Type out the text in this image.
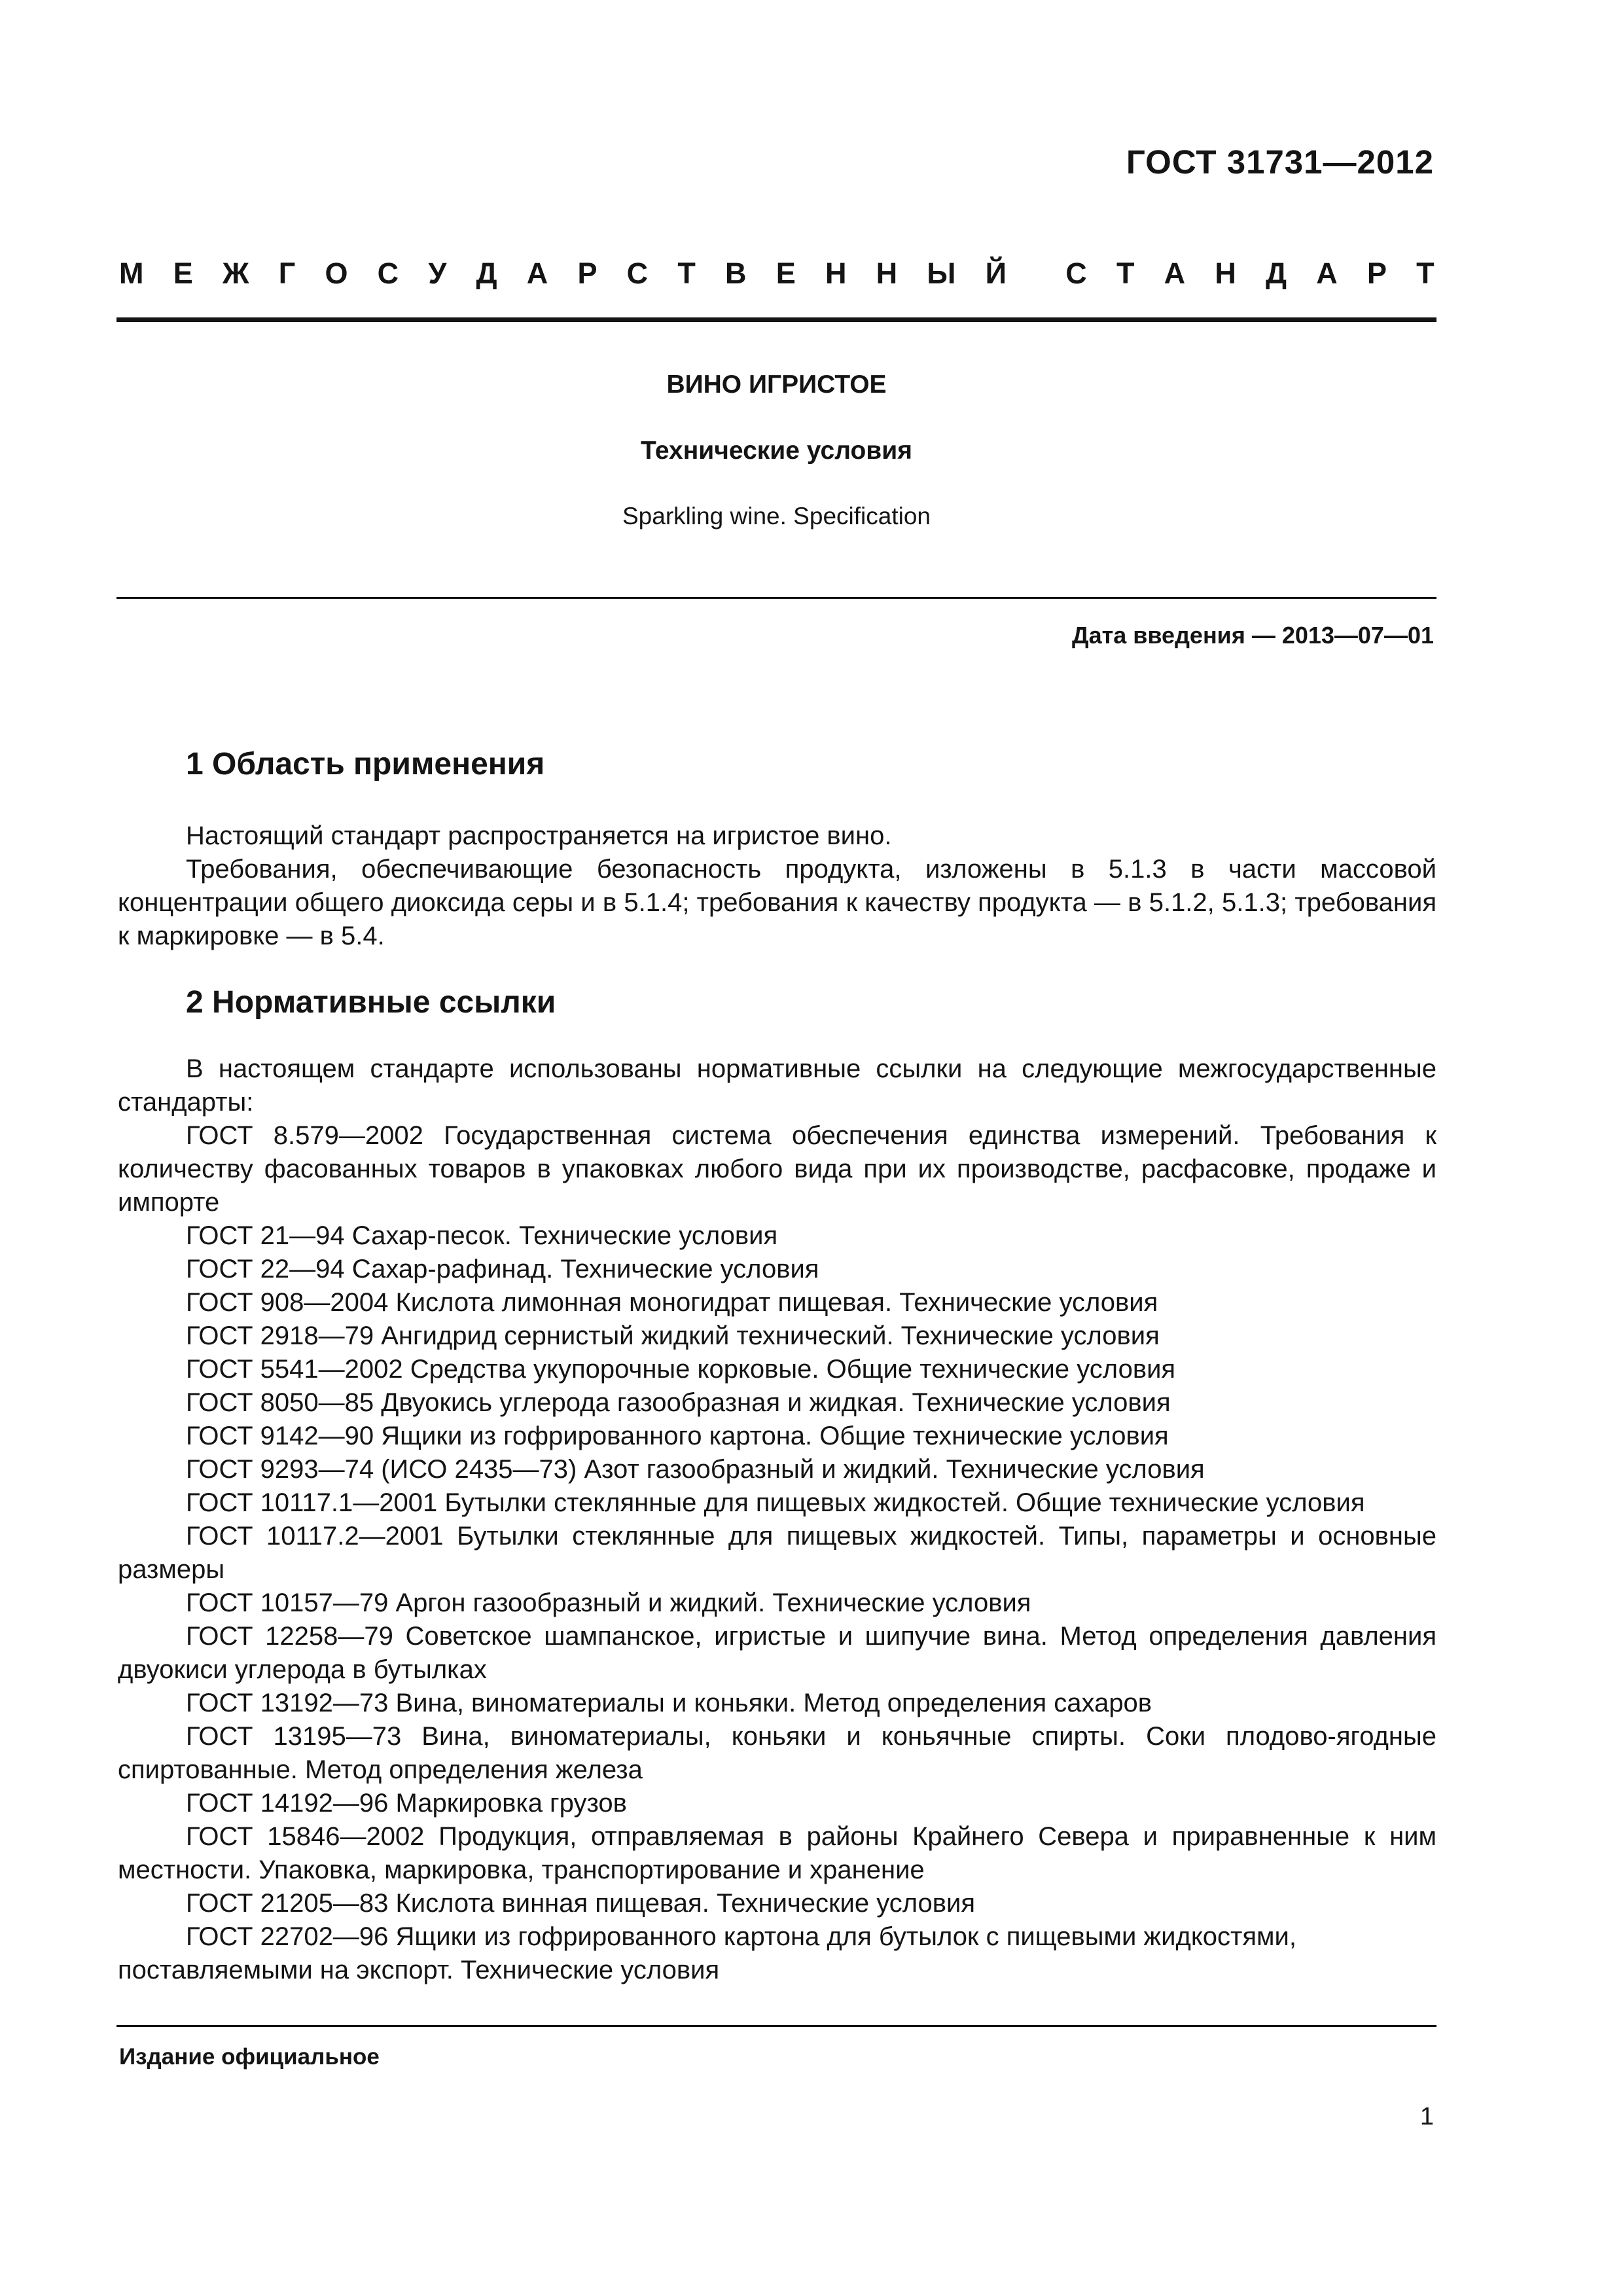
ГОСТ 31731—2012
М Е Ж Г О С У Д А Р С Т В Е Н Н Ы Й С Т А Н Д А Р Т
ВИНО ИГРИСТОЕ
Технические условия
Sparkling wine. Specification
Дата введения — 2013—07—01
1 Область применения

Настоящий стандарт распространяется на игристое вино.

Требования, обеспечивающие безопасность продукта, изложены в 5.1.3 в части массовой концентрации общего диоксида серы и в 5.1.4; требования к качеству продукта — в 5.1.2, 5.1.3; требования к маркировке — в 5.4.

2 Нормативные ссылки

В настоящем стандарте использованы нормативные ссылки на следующие межгосударственные стандарты:

ГОСТ 8.579—2002 Государственная система обеспечения единства измерений. Требования к количеству фасованных товаров в упаковках любого вида при их производстве, расфасовке, продаже и импорте

ГОСТ 21—94 Сахар-песок. Технические условия

ГОСТ 22—94 Сахар-рафинад. Технические условия

ГОСТ 908—2004 Кислота лимонная моногидрат пищевая. Технические условия

ГОСТ 2918—79 Ангидрид сернистый жидкий технический. Технические условия

ГОСТ 5541—2002 Средства укупорочные корковые. Общие технические условия

ГОСТ 8050—85 Двуокись углерода газообразная и жидкая. Технические условия

ГОСТ 9142—90 Ящики из гофрированного картона. Общие технические условия

ГОСТ 9293—74 (ИСО 2435—73) Азот газообразный и жидкий. Технические условия

ГОСТ 10117.1—2001 Бутылки стеклянные для пищевых жидкостей. Общие технические условия

ГОСТ 10117.2—2001 Бутылки стеклянные для пищевых жидкостей. Типы, параметры и основные размеры

ГОСТ 10157—79 Аргон газообразный и жидкий. Технические условия

ГОСТ 12258—79 Советское шампанское, игристые и шипучие вина. Метод определения давления двуокиси углерода в бутылках

ГОСТ 13192—73 Вина, виноматериалы и коньяки. Метод определения сахаров

ГОСТ 13195—73 Вина, виноматериалы, коньяки и коньячные спирты. Соки плодово-ягодные спиртованные. Метод определения железа

ГОСТ 14192—96 Маркировка грузов

ГОСТ 15846—2002 Продукция, отправляемая в районы Крайнего Севера и приравненные к ним местности. Упаковка, маркировка, транспортирование и хранение

ГОСТ 21205—83 Кислота винная пищевая. Технические условия

ГОСТ 22702—96 Ящики из гофрированного картона для бутылок с пищевыми жидкостями, поставляемыми на экспорт. Технические условия

Издание официальное
1
